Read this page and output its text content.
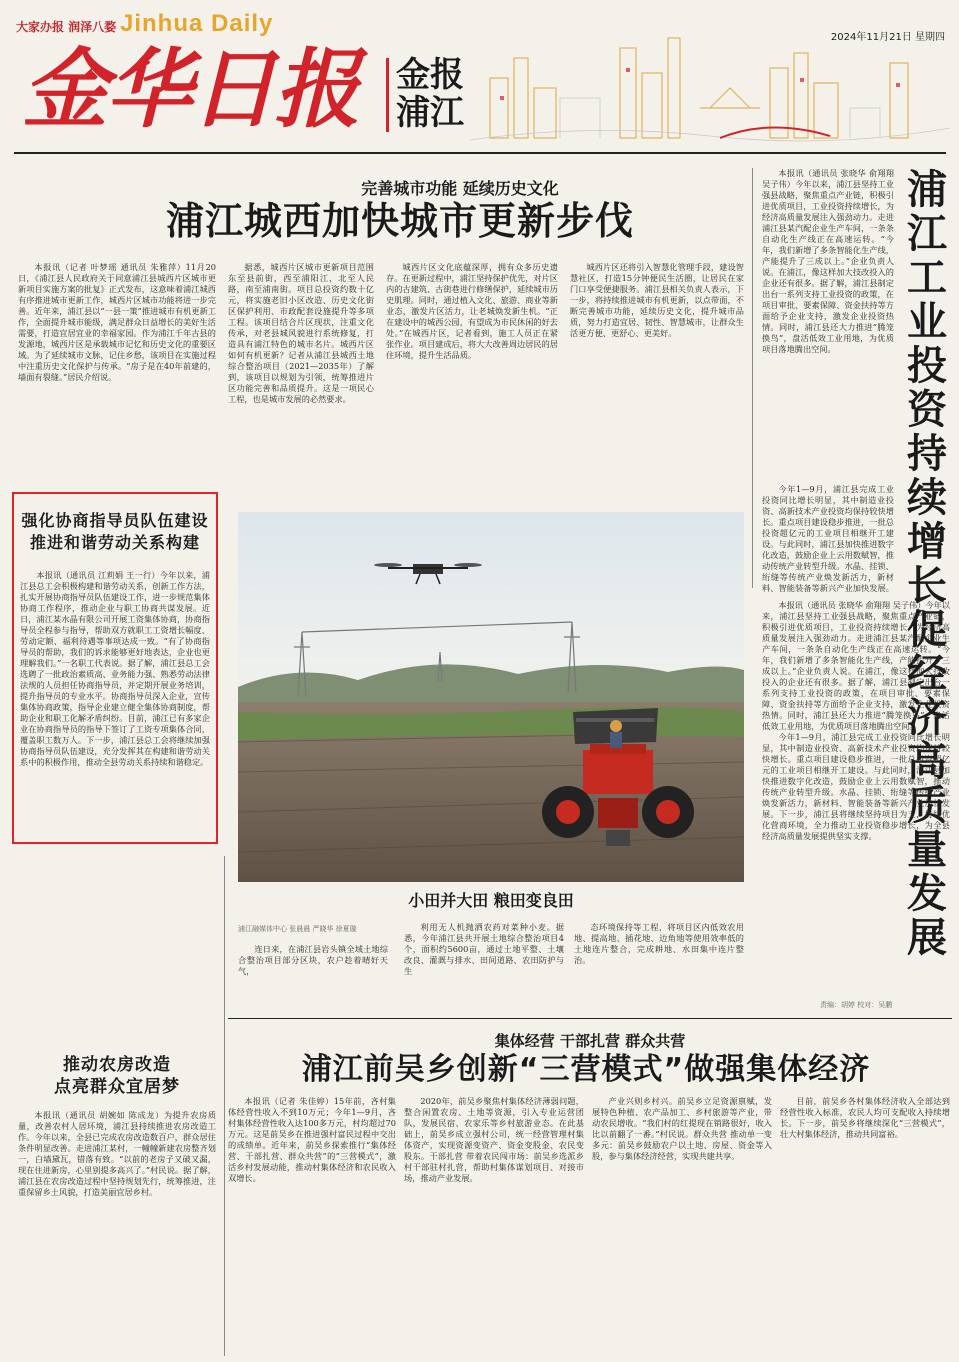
大家办报 润泽八婺 Jinhua Daily
金华日报 金报
浦江
2024年11月21日 星期四
完善城市功能 延续历史文化
浦江城西加快城市更新步伐

本报讯（记者 叶梦瑶 通讯员 朱雅萍）11月20日，《浦江县人民政府关于同意浦江县城西片区城市更新项目实施方案的批复》正式发布，这意味着浦江城西有序推进城市更新工作，城西片区城市功能将进一步完善。近年来，浦江县以“一县一策”推进城市有机更新工作，全面提升城市能级，满足群众日益增长的美好生活需要，打造宜居宜业的幸福家园。作为浦江千年古县的发源地，城西片区是承载城市记忆和历史文化的重要区域。为了延续城市文脉，记住乡愁，该项目在实施过程中注重历史文化保护与传承。“房子是在40年前建的，墙面有裂缝。”居民介绍说。

据悉，城西片区城市更新项目范围东至县前街，西至浦阳江，北至人民路，南至浦南街。项目总投资约数十亿元，将实施老旧小区改造、历史文化街区保护利用、市政配套设施提升等多项工程。该项目结合片区现状，注重文化传承，对老县城风貌进行系统修复，打造具有浦江特色的城市名片。城西片区如何有机更新？记者从浦江县城西土地综合整治项目（2021—2035年）了解到，该项目以规划为引领，统筹推进片区功能完善和品质提升。这是一项民心工程，也是城市发展的必然要求。

城西片区文化底蕴深厚，拥有众多历史遗存。在更新过程中，浦江坚持保护优先，对片区内的古建筑、古街巷进行修缮保护，延续城市历史肌理。同时，通过植入文化、旅游、商业等新业态，激发片区活力，让老城焕发新生机。“正在建设中的城西公园，有望成为市民休闲的好去处。”在城西片区，记者看到，施工人员正在紧张作业。项目建成后，将大大改善周边居民的居住环境，提升生活品质。

城西片区还将引入智慧化管理手段，建设智慧社区，打造15分钟便民生活圈，让居民在家门口享受便捷服务。浦江县相关负责人表示，下一步，将持续推进城市有机更新，以点带面，不断完善城市功能，延续历史文化，提升城市品质，努力打造宜居、韧性、智慧城市，让群众生活更方便、更舒心、更美好。

强化协商指导员队伍建设
推进和谐劳动关系构建

本报讯（通讯员 江莉娟 王一行）今年以来，浦江县总工会积极构建和谐劳动关系，创新工作方法，扎实开展协商指导员队伍建设工作，进一步规范集体协商工作程序，推动企业与职工协商共谋发展。近日，浦江某水晶有限公司开展工资集体协商，协商指导员全程参与指导，帮助双方就职工工资增长幅度、劳动定额、福利待遇等事项达成一致。“有了协商指导员的帮助，我们的诉求能够更好地表达，企业也更理解我们。”一名职工代表说。据了解，浦江县总工会选聘了一批政治素质高、业务能力强、熟悉劳动法律法规的人员担任协商指导员，并定期开展业务培训，提升指导员的专业水平。协商指导员深入企业，宣传集体协商政策，指导企业建立健全集体协商制度，帮助企业和职工化解矛盾纠纷。目前，浦江已有多家企业在协商指导员的指导下签订了工资专项集体合同，覆盖职工数万人。下一步，浦江县总工会将继续加强协商指导员队伍建设，充分发挥其在构建和谐劳动关系中的积极作用，推动全县劳动关系持续和谐稳定。

小田并大田 粮田变良田
浦江融媒体中心 张晨晨 严晓华 徐夏璇

连日来，在浦江县岩头镇全域土地综合整治项目部分区块，农户趁着晴好天气，

利用无人机抛洒农药对菜种小麦。据悉，今年浦江县共开展土地综合整治项目4个，面积约5600亩，通过土地平整、土壤改良、灌溉与排水、田间道路、农田防护与生

态环境保持等工程，将项目区内低效农用地、提高地、插花地、边角地等使用效率低的土地连片整合，完成耕地、水田集中连片整治。

本报讯（通讯员 张晓华 俞翔翔 吴子伟）今年以来，浦江县坚持工业强县战略，聚焦重点产业链，积极引进优质项目，工业投资持续增长，为经济高质量发展注入强劲动力。走进浦江县某汽配企业生产车间，一条条自动化生产线正在高速运转。“今年，我们新增了多条智能化生产线，产能提升了三成以上。”企业负责人说。在浦江，像这样加大技改投入的企业还有很多。据了解，浦江县制定出台一系列支持工业投资的政策，在项目审批、要素保障、资金扶持等方面给予企业支持，激发企业投资热情。同时，浦江县还大力推进“腾笼换鸟”，盘活低效工业用地，为优质项目落地腾出空间。

浦江工业投资持续增长促经济高质量发展

今年1—9月，浦江县完成工业投资同比增长明显，其中制造业投资、高新技术产业投资均保持较快增长。重点项目建设稳步推进，一批总投资超亿元的工业项目相继开工建设。与此同时，浦江县加快推进数字化改造，鼓励企业上云用数赋智，推动传统产业转型升级。水晶、挂锁、绗缝等传统产业焕发新活力，新材料、智能装备等新兴产业加快发展。

本报讯（通讯员 张晓华 俞翔翔 吴子伟）今年以来，浦江县坚持工业强县战略，聚焦重点产业链，积极引进优质项目，工业投资持续增长，为经济高质量发展注入强劲动力。走进浦江县某汽配企业生产车间，一条条自动化生产线正在高速运转。“今年，我们新增了多条智能化生产线，产能提升了三成以上。”企业负责人说。在浦江，像这样加大技改投入的企业还有很多。据了解，浦江县制定出台一系列支持工业投资的政策，在项目审批、要素保障、资金扶持等方面给予企业支持，激发企业投资热情。同时，浦江县还大力推进“腾笼换鸟”，盘活低效工业用地，为优质项目落地腾出空间。

今年1—9月，浦江县完成工业投资同比增长明显，其中制造业投资、高新技术产业投资均保持较快增长。重点项目建设稳步推进，一批总投资超亿元的工业项目相继开工建设。与此同时，浦江县加快推进数字化改造，鼓励企业上云用数赋智，推动传统产业转型升级。水晶、挂锁、绗缝等传统产业焕发新活力，新材料、智能装备等新兴产业加快发展。下一步，浦江县将继续坚持项目为王，持续优化营商环境，全力推动工业投资稳步增长，为全县经济高质量发展提供坚实支撑。

责编：胡婷 校对：吴鹏
集体经营 干部扎营 群众共营
浦江前吴乡创新“三营模式”做强集体经济

本报讯（记者 朱佳婷）15年前，吝村集体经营性收入不到10万元；今年1—9月，吝村集体经营性收入达100多万元，村均超过70万元。这是前吴乡在推进强村富民过程中交出的成绩单。近年来，前吴乡探索推行“集体经营、干部扎营、群众共营”的“三营模式”，激活乡村发展动能，推动村集体经济和农民收入双增长。

2020年，前吴乡聚焦村集体经济薄弱问题，整合闲置农房、土地等资源，引入专业运营团队，发展民宿、农家乐等乡村旅游业态。在此基础上，前吴乡成立强村公司，统一经营管理村集体资产，实现资源变资产、资金变股金、农民变股东。干部扎营 带着农民闯市场：前吴乡选派乡村干部驻村扎营，帮助村集体谋划项目、对接市场，推动产业发展。

产业兴则乡村兴。前吴乡立足资源禀赋，发展特色种植、农产品加工、乡村旅游等产业，带动农民增收。“我们村的红提现在销路很好，收入比以前翻了一番。”村民说。群众共营 推动单一变多元：前吴乡鼓励农户以土地、房屋、资金等入股，参与集体经济经营，实现共建共享。

目前，前吴乡各村集体经济收入全部达到经营性收入标准，农民人均可支配收入持续增长。下一步，前吴乡将继续深化“三营模式”，壮大村集体经济，推动共同富裕。

推动农房改造
点亮群众宜居梦

本报讯（通讯员 胡婉如 陈成龙）为提升农房质量，改善农村人居环境，浦江县持续推进农房改造工作。今年以来，全县已完成农房改造数百户，群众居住条件明显改善。走进浦江某村，一幢幢新建农房整齐划一，白墙黛瓦，错落有致。“以前的老房子又破又漏，现在住进新房，心里别提多高兴了。”村民说。据了解，浦江县在农房改造过程中坚持规划先行，统筹推进，注重保留乡土风貌，打造美丽宜居乡村。
